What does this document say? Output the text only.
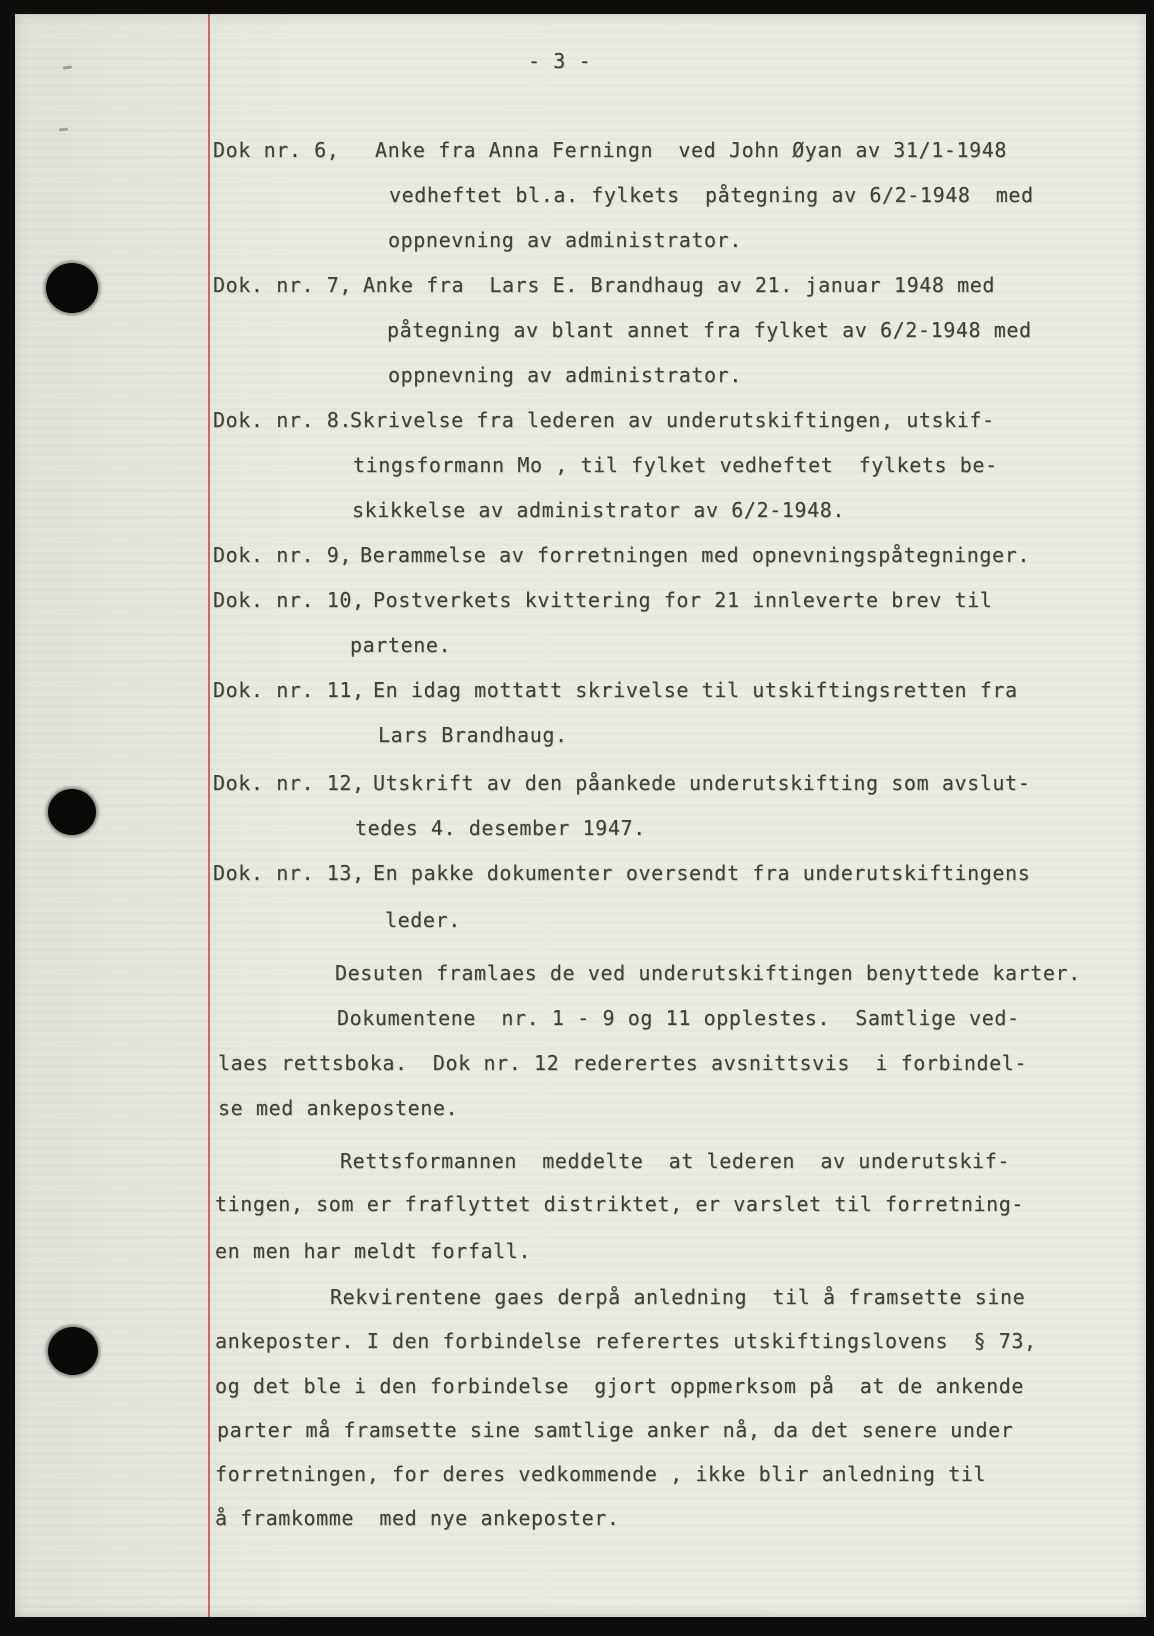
- 3 -
Dok nr. 6, Anke fra Anna Ferningn  ved John Øyan av 31/1-1948
vedheftet bl.a. fylkets  påtegning av 6/2-1948  med
oppnevning av administrator.
Dok. nr. 7, Anke fra  Lars E. Brandhaug av 21. januar 1948 med
påtegning av blant annet fra fylket av 6/2-1948 med
oppnevning av administrator.
Dok. nr. 8.
Skrivelse fra lederen av underutskiftingen, utskif-
tingsformann Mo , til fylket vedheftet  fylkets be-
skikkelse av administrator av 6/2-1948.
Dok. nr. 9, Berammelse av forretningen med opnevningspåtegninger.
Dok. nr. 10, Postverkets kvittering for 21 innleverte brev til
partene.
Dok. nr. 11, En idag mottatt skrivelse til utskiftingsretten fra
Lars Brandhaug.
Dok. nr. 12, Utskrift av den påankede underutskifting som avslut-
tedes 4. desember 1947.
Dok. nr. 13, En pakke dokumenter oversendt fra underutskiftingens
leder.
Desuten framlaes de ved underutskiftingen benyttede karter.
Dokumentene  nr. 1 - 9 og 11 opplestes.  Samtlige ved-
laes rettsboka.  Dok nr. 12 rederertes avsnittsvis  i forbindel-
se med ankepostene.
Rettsformannen  meddelte  at lederen  av underutskif-
tingen, som er fraflyttet distriktet, er varslet til forretning-
en men har meldt forfall.
Rekvirentene gaes derpå anledning  til å framsette sine
ankeposter. I den forbindelse referertes utskiftingslovens  § 73,
og det ble i den forbindelse  gjort oppmerksom på  at de ankende
parter må framsette sine samtlige anker nå, da det senere under
forretningen, for deres vedkommende , ikke blir anledning til
å framkomme  med nye ankeposter.
